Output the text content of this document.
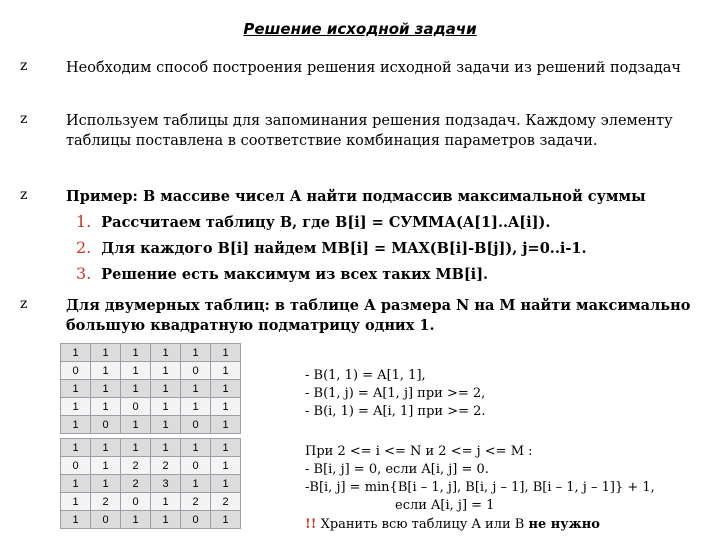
Решение исходной задачи
z	Необходим способ построения решения исходной задачи из решений подзадач
z	Используем таблицы для запоминания решения подзадач. Каждому элементу таблицы поставлена в соответствие комбинация параметров задачи.
z	Пример: В массиве чисел А найти подмассив максимальной суммы
1. Рассчитаем таблицу B, где B[i] = СУММА(A[1]..A[i]).
2. Для каждого B[i] найдем MB[i] = MAX(B[i]-B[j]), j=0..i-1.
3. Решение есть максимум из всех таких MB[i].
z	Для двумерных таблиц: в таблице А размера N на M найти максимально большую квадратную подматрицу одних 1.
1	1	1	1	1	1
0	1	1	1	0	1
1	1	1	1	1	1
1	1	0	1	1	1
1	0	1	1	0	1
1	1	1	1	1	1
0	1	2	2	0	1
1	1	2	3	1	1
1	2	0	1	2	2
1	0	1	1	0	1
- B(1, 1) = A[1, 1],
- B(1, j) = A[1, j] при >= 2,
- B(i, 1) = A[i, 1] при >= 2.
При 2 <= i <= N и 2 <= j <= M :
- B[i, j] = 0, если A[i, j] = 0.
-B[i, j] = min{B[i – 1, j], B[i, j – 1], B[i – 1, j – 1]} + 1,
если A[i, j] = 1
!! Хранить всю таблицу A или B не нужно
